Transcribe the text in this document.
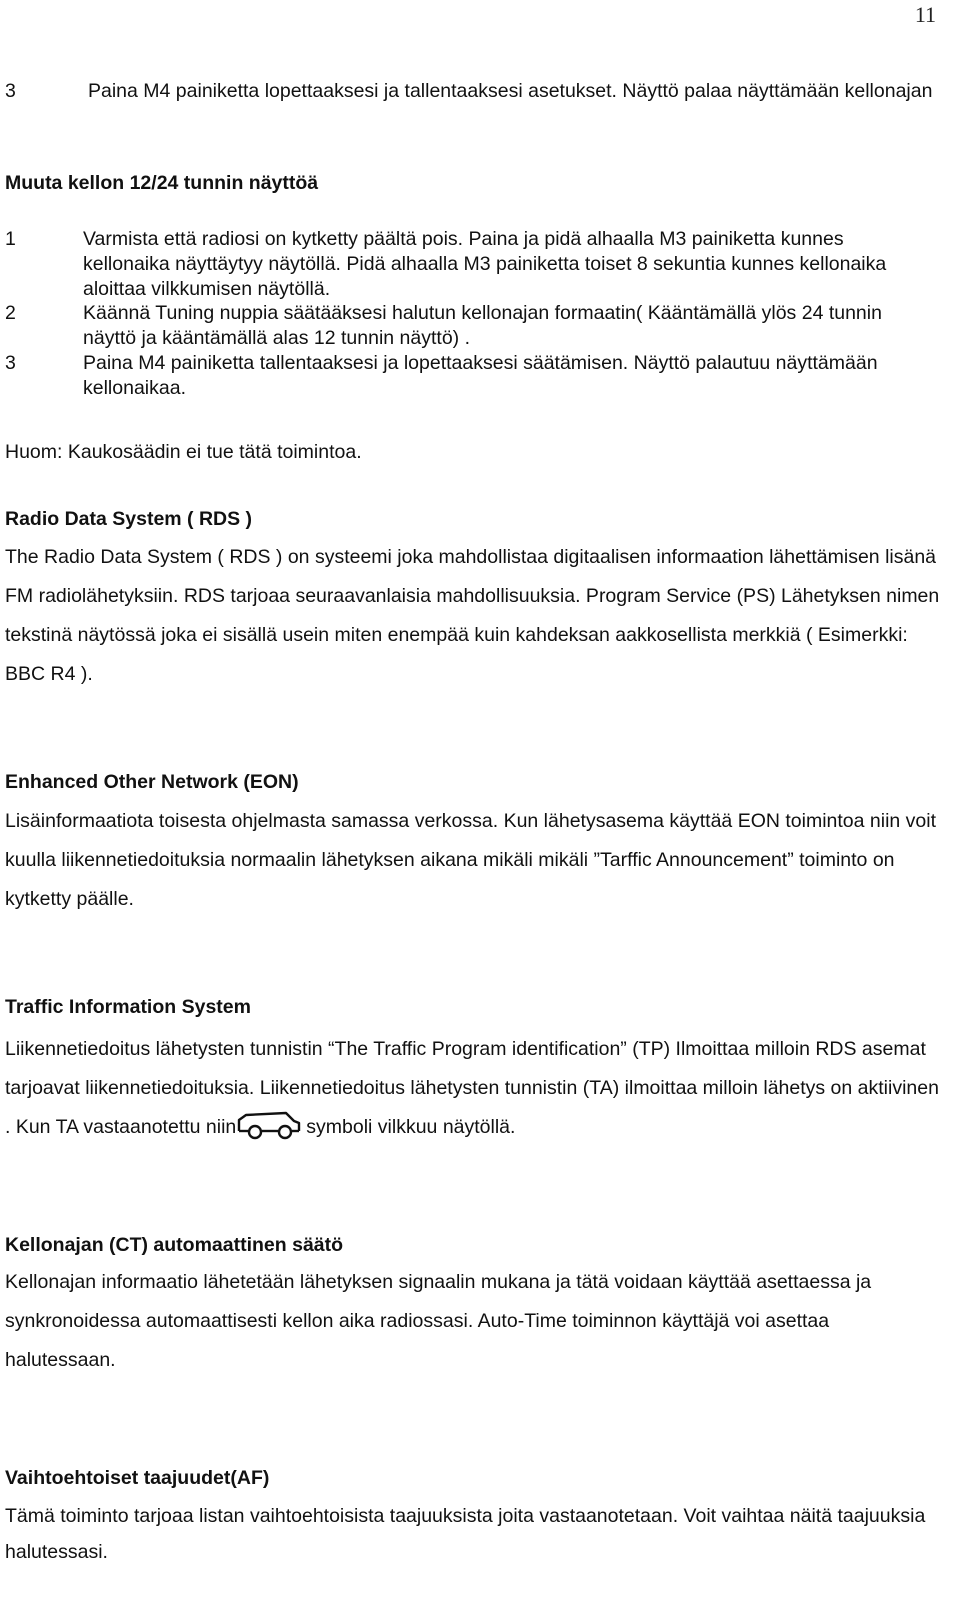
11
3	Paina M4 painiketta lopettaaksesi ja tallentaaksesi asetukset. Näyttö palaa näyttämään kellonajan
Muuta kellon 12/24 tunnin näyttöä
1	Varmista että radiosi on kytketty päältä pois. Paina ja pidä alhaalla M3 painiketta kunnes kellonaika näyttäytyy näytöllä. Pidä alhaalla M3 painiketta toiset 8 sekuntia kunnes kellonaika aloittaa vilkkumisen näytöllä.
2	Käännä Tuning nuppia säätääksesi halutun kellonajan formaatin( Kääntämällä ylös 24 tunnin näyttö ja kääntämällä alas 12 tunnin näyttö) .
3	Paina M4 painiketta tallentaaksesi ja lopettaaksesi säätämisen. Näyttö palautuu näyttämään kellonaikaa.
Huom: Kaukosäädin ei tue tätä toimintoa.
Radio Data System ( RDS )
The Radio Data System ( RDS ) on systeemi joka mahdollistaa digitaalisen informaation lähettämisen lisänä FM radiolähetyksiin. RDS tarjoaa seuraavanlaisia mahdollisuuksia. Program Service (PS) Lähetyksen nimen tekstinä näytössä joka ei sisällä usein miten enempää kuin kahdeksan aakkosellista merkkiä ( Esimerkki: BBC R4 ).
Enhanced Other Network (EON)
Lisäinformaatiota toisesta ohjelmasta samassa verkossa. Kun lähetysasema käyttää EON toimintoa niin voit kuulla liikennetiedoituksia normaalin lähetyksen aikana mikäli mikäli ”Tarffic Announcement” toiminto on kytketty päälle.
Traffic Information System
Liikennetiedoitus lähetysten tunnistin “The Traffic Program identification” (TP) Ilmoittaa milloin RDS asemat tarjoavat liikennetiedoituksia. Liikennetiedoitus lähetysten tunnistin (TA) ilmoittaa milloin lähetys on aktiivinen . Kun TA vastaanotettu niin	symboli vilkkuu näytöllä.
Kellonajan (CT) automaattinen säätö
Kellonajan informaatio lähetetään lähetyksen signaalin mukana ja tätä voidaan käyttää asettaessa ja synkronoidessa automaattisesti kellon aika radiossasi. Auto-Time toiminnon käyttäjä voi asettaa halutessaan.
Vaihtoehtoiset taajuudet(AF)
Tämä toiminto tarjoaa listan vaihtoehtoisista taajuuksista joita vastaanotetaan. Voit vaihtaa näitä taajuuksia halutessasi.
